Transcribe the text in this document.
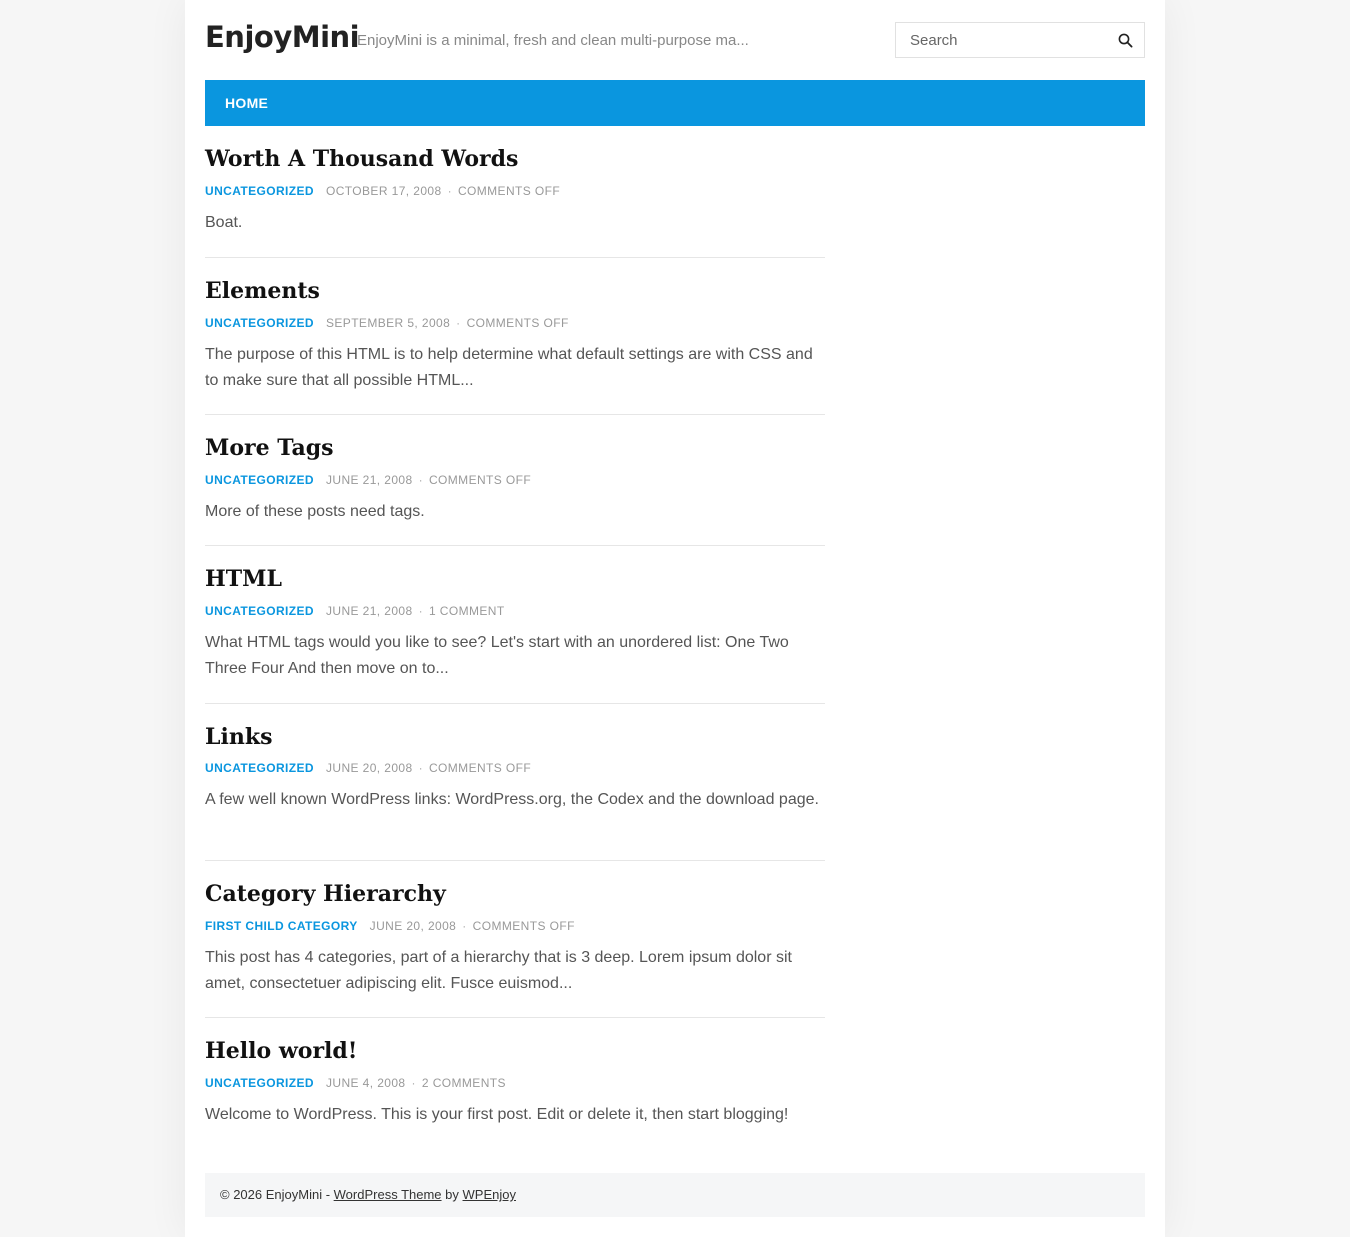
EnjoyMini
EnjoyMini is a minimal, fresh and clean multi-purpose ma...
Search
HOME
Worth A Thousand Words
UNCATEGORIZED OCTOBER 17, 2008 · COMMENTS OFF
Boat.
Elements
UNCATEGORIZED SEPTEMBER 5, 2008 · COMMENTS OFF
The purpose of this HTML is to help determine what default settings are with CSS and to make sure that all possible HTML...
More Tags
UNCATEGORIZED JUNE 21, 2008 · COMMENTS OFF
More of these posts need tags.
HTML
UNCATEGORIZED JUNE 21, 2008 · 1 COMMENT
What HTML tags would you like to see? Let's start with an unordered list: One Two Three Four And then move on to...
Links
UNCATEGORIZED JUNE 20, 2008 · COMMENTS OFF
A few well known WordPress links: WordPress.org, the Codex and the download page.
Category Hierarchy
FIRST CHILD CATEGORY JUNE 20, 2008 · COMMENTS OFF
This post has 4 categories, part of a hierarchy that is 3 deep. Lorem ipsum dolor sit amet, consectetuer adipiscing elit. Fusce euismod...
Hello world!
UNCATEGORIZED JUNE 4, 2008 · 2 COMMENTS
Welcome to WordPress. This is your first post. Edit or delete it, then start blogging!
© 2026 EnjoyMini - WordPress Theme by WPEnjoy
